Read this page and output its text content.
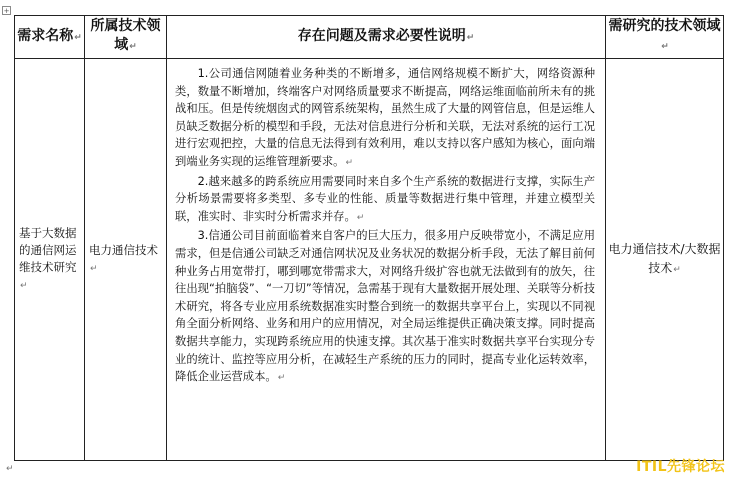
+
需求名称↵	所属技术领域↵	存在问题及需求必要性说明↵	需研究的技术领域↵
基于大数据的通信网运维技术研究↵	电力通信技术↵	1.公司通信网随着业务种类的不断增多，通信网络规模不断扩大，网络资源种类，数量不断增加，终端客户对网络质量要求不断提高，网络运维面临前所未有的挑战和压。但是传统烟囱式的网管系统架构，虽然生成了大量的网管信息，但是运维人员缺乏数据分析的模型和手段，无法对信息进行分析和关联，无法对系统的运行工况进行宏观把控，大量的信息无法得到有效利用，难以支持以客户感知为核心，面向端到端业务实现的运维管理新要求。↵

2.越来越多的跨系统应用需要同时来自多个生产系统的数据进行支撑，实际生产分析场景需要将多类型、多专业的性能、质量等数据进行集中管理，并建立模型关联，准实时、非实时分析需求并存。↵

3.信通公司目前面临着来自客户的巨大压力，很多用户反映带宽小，不满足应用需求，但是信通公司缺乏对通信网状况及业务状况的数据分析手段，无法了解目前何种业务占用宽带打，哪到哪宽带需求大，对网络升级扩容也就无法做到有的放矢，往往出现“拍脑袋”、“一刀切”等情况，急需基于现有大量数据开展处理、关联等分析技术研究，将各专业应用系统数据准实时整合到统一的数据共享平台上，实现以不同视角全面分析网络、业务和用户的应用情况，对全局运维提供正确决策支撑。同时提高数据共享能力，实现跨系统应用的快速支撑。其次基于准实时数据共享平台实现分专业的统计、监控等应用分析，在减轻生产系统的压力的同时，提高专业化运转效率，降低企业运营成本。↵	电力通信技术/大数据技术↵
↵	ITIL先锋论坛
